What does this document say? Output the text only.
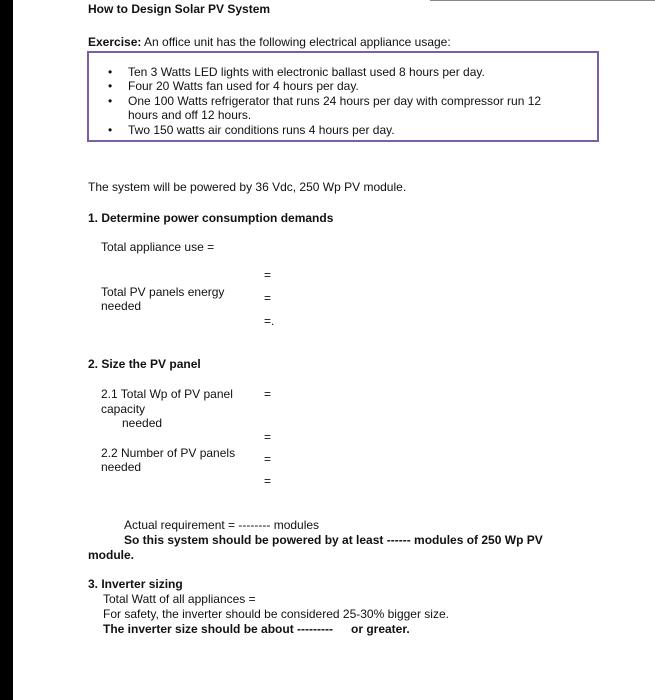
How to Design Solar PV System
Exercise: An office unit has the following electrical appliance usage:
• Ten 3 Watts LED lights with electronic ballast used 8 hours per day.
• Four 20 Watts fan used for 4 hours per day.
• One 100 Watts refrigerator that runs 24 hours per day with compressor run 12
hours and off 12 hours.
• Two 150 watts air conditions runs 4 hours per day.
The system will be powered by 36 Vdc, 250 Wp PV module.
1. Determine power consumption demands
Total appliance use =
=
Total PV panels energy	=
needed
=.
2. Size the PV panel
2.1 Total Wp of PV panel	=
capacity
needed
=
2.2 Number of PV panels =
needed
=
Actual requirement = -------- modules
So this system should be powered by at least ------ modules of 250 Wp PV
module.
3. Inverter sizing
Total Watt of all appliances =
For safety, the inverter should be considered 25-30% bigger size.
The inverter size should be about --------- or greater.
